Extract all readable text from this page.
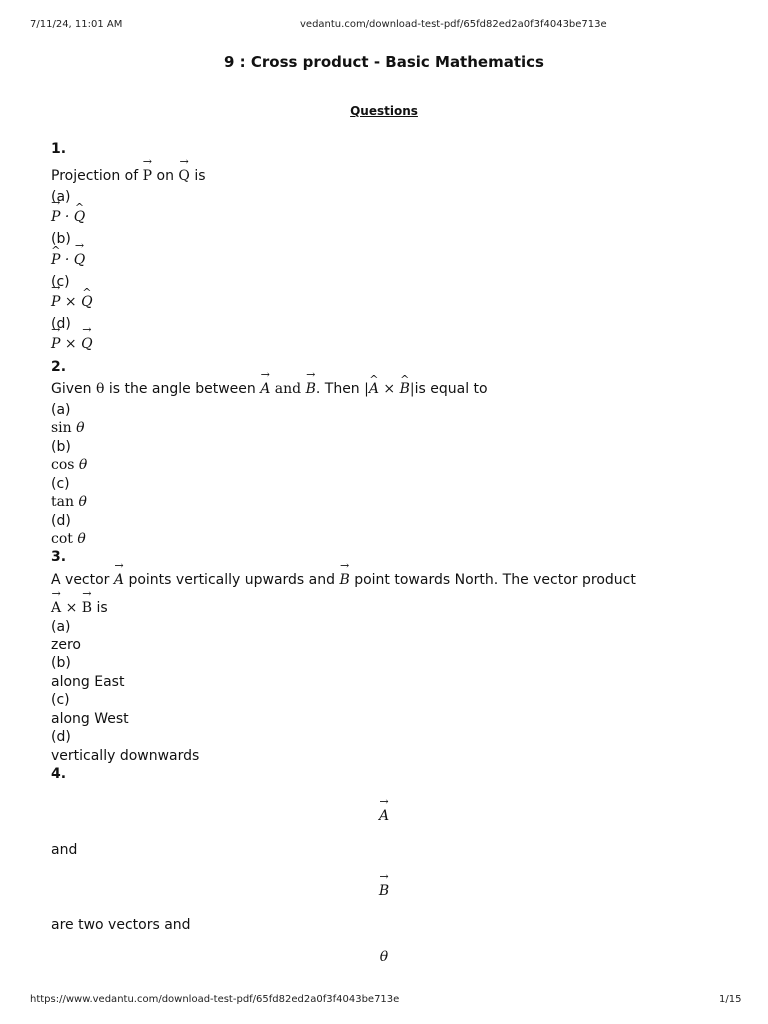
7/11/24, 11:01 AM	vedantu.com/download-test-pdf/65fd82ed2a0f3f4043be713e
9 : Cross product - Basic Mathematics
Questions
1.
Projection of → P on → Q is
(a)
→ P · ^ Q
(b)
^ P · → Q
(c)
→ P × ^ Q
(d)
→ P × → Q
2.
Given θ is the angle between → A and → B. Then |^ A × ^ B|is equal to
(a)
sin θ
(b)
cos θ
(c)
tan θ
(d)
cot θ
3.
A vector → A points vertically upwards and → B point towards North. The vector product
→ A × → B is
(a)
zero
(b)
along East
(c)
along West
(d)
vertically downwards
4.
→ A
and
→ B
are two vectors and
θ
https://www.vedantu.com/download-test-pdf/65fd82ed2a0f3f4043be713e	1/15
